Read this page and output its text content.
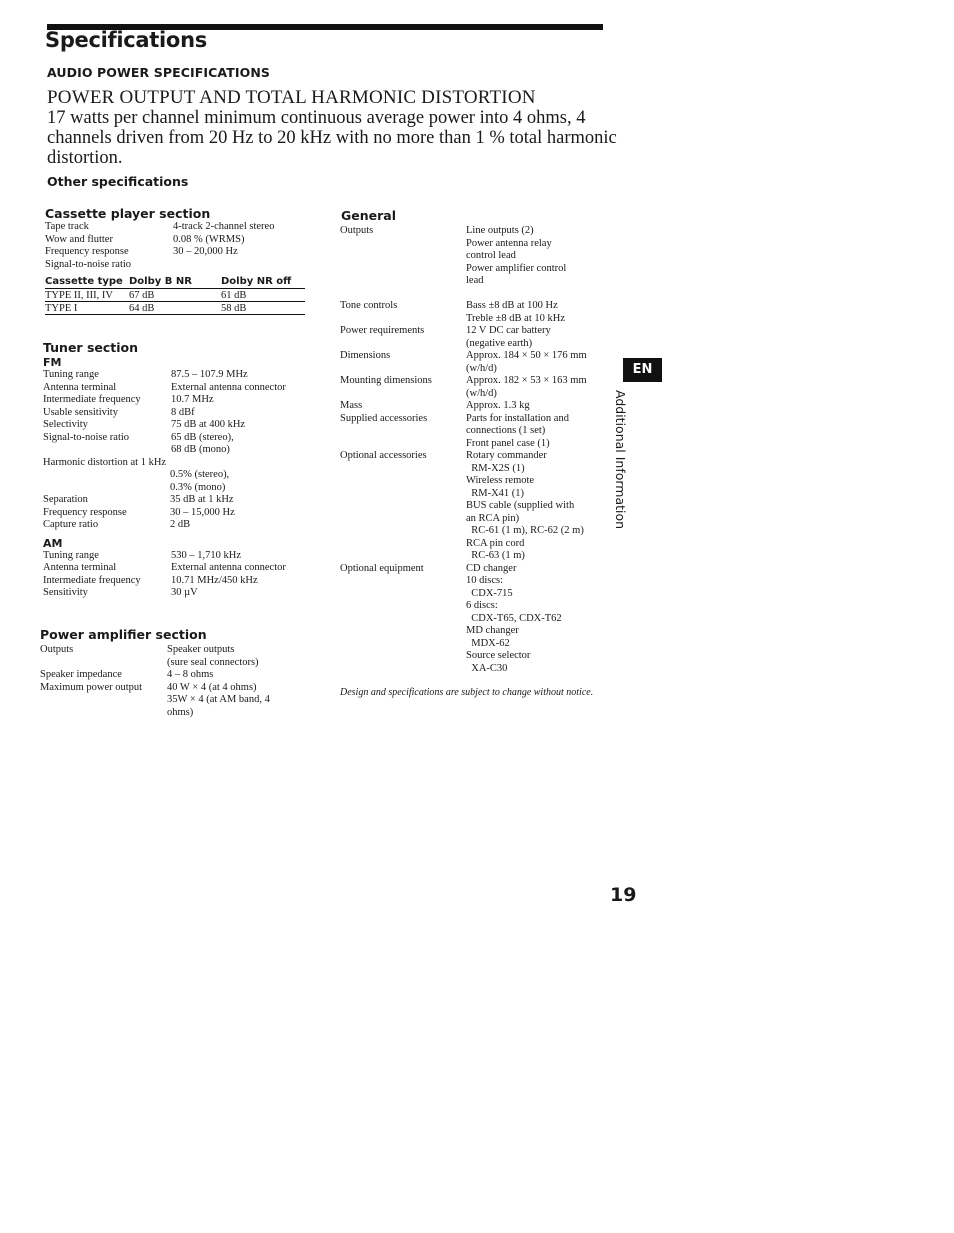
Specifications
AUDIO POWER SPECIFICATIONS
POWER OUTPUT AND TOTAL HARMONIC DISTORTION
17 watts per channel minimum continuous average power into 4 ohms, 4 channels driven from 20 Hz to 20 kHz with no more than 1 % total harmonic distortion.
Other specifications
Cassette player section
Tape track	4-track 2-channel stereo
Wow and flutter	0.08 % (WRMS)
Frequency response	30 – 20,000 Hz
Signal-to-noise ratio
Cassette type	Dolby B NR	Dolby NR off
TYPE II, III, IV	67 dB	61 dB
TYPE I	64 dB	58 dB
Tuner section
FM
Tuning range	87.5 – 107.9 MHz
Antenna terminal	External antenna connector
Intermediate frequency	10.7 MHz
Usable sensitivity	8 dBf
Selectivity	75 dB at 400 kHz
Signal-to-noise ratio	65 dB (stereo),
68 dB (mono)
Harmonic distortion at 1 kHz
0.5% (stereo),
0.3% (mono)
Separation	35 dB at 1 kHz
Frequency response	30 – 15,000 Hz
Capture ratio	2 dB
AM
Tuning range	530 – 1,710 kHz
Antenna terminal	External antenna connector
Intermediate frequency	10.71 MHz/450 kHz
Sensitivity	30 µV
Power amplifier section
Outputs	Speaker outputs
(sure seal connectors)
Speaker impedance	4 – 8 ohms
Maximum power output 40 W × 4 (at 4 ohms)
35W × 4 (at AM band, 4
ohms)
General
Outputs	Line outputs (2)
Power antenna relay
control lead
Power amplifier control
lead
Tone controls	Bass ±8 dB at 100 Hz
Treble ±8 dB at 10 kHz
Power requirements	12 V DC car battery
(negative earth)
Dimensions	Approx. 184 × 50 × 176 mm
(w/h/d)
Mounting dimensions	Approx. 182 × 53 × 163 mm
(w/h/d)
Mass	Approx. 1.3 kg
Supplied accessories	Parts for installation and
connections (1 set)
Front panel case (1)
Optional accessories	Rotary commander
RM-X2S (1)
Wireless remote
RM-X41 (1)
BUS cable (supplied with
an RCA pin)
RC-61 (1 m), RC-62 (2 m)
RCA pin cord
RC-63 (1 m)
Optional equipment	CD changer
10 discs:
CDX-715
6 discs:
CDX-T65, CDX-T62
MD changer
MDX-62
Source selector
XA-C30
Design and specifications are subject to change without notice.
EN
Additional Information
19
